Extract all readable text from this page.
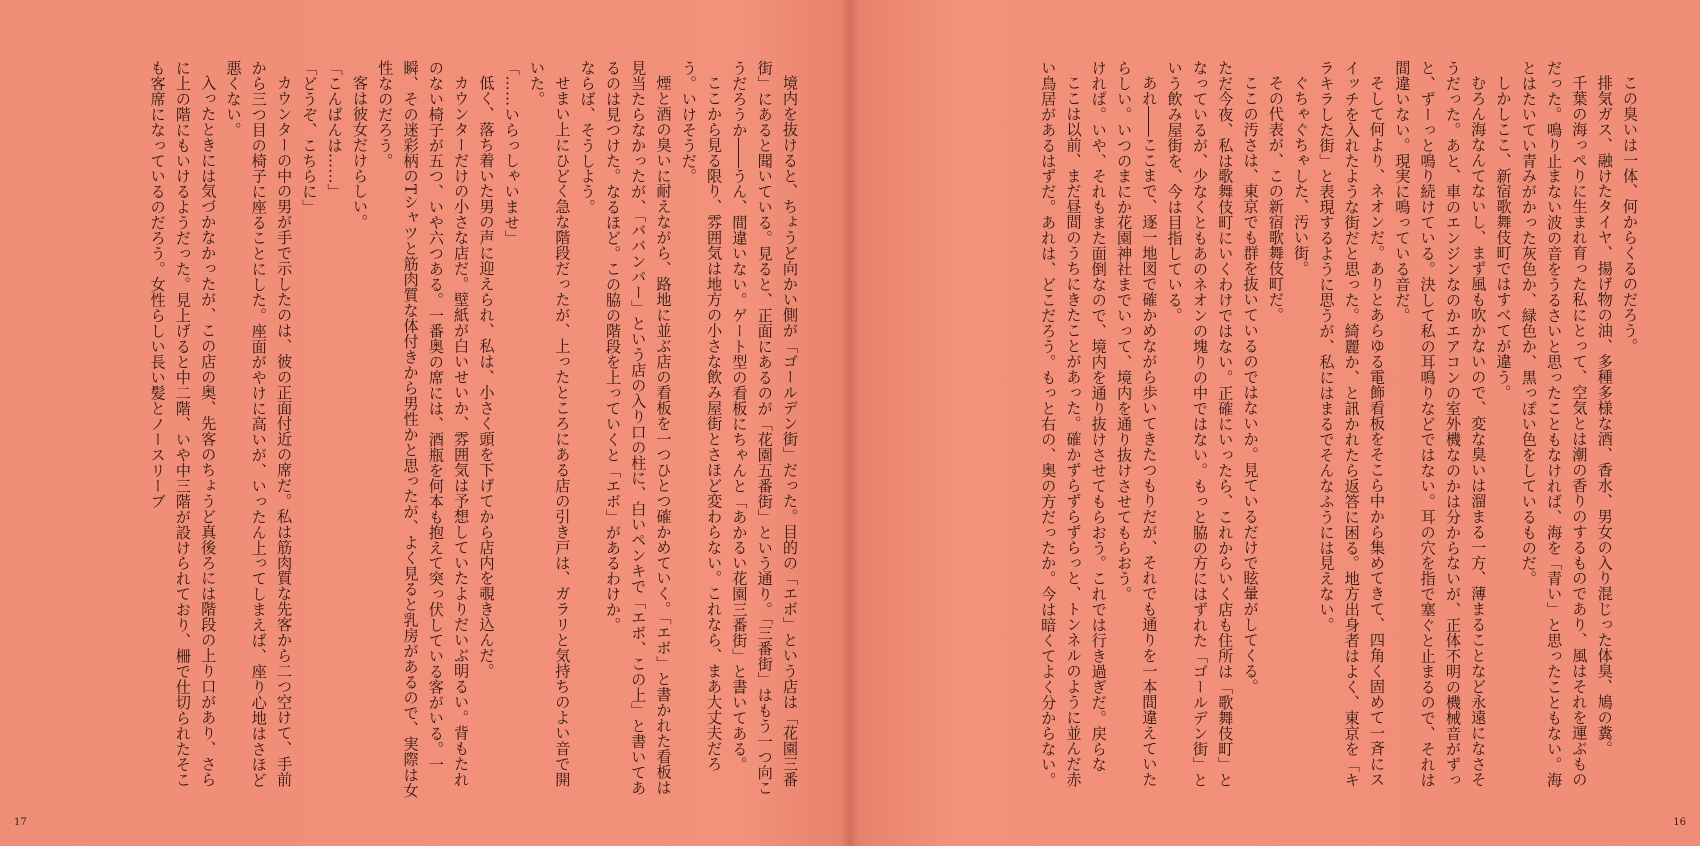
境内を抜けると、ちょうど向かい側が「ゴールデン街」だった。目的の「エボ」という店は「花園三番街」にあると聞いている。見ると、正面にあるのが「花園五番街」という通り。「三番街」はもう一つ向こうだろうか――うん、間違いない。ゲート型の看板にちゃんと「あかるい花園三番街」と書いてある。

ここから見る限り、雰囲気は地方の小さな飲み屋街とさほど変わらない。これなら、まあ大丈夫だろう。いけそうだ。

煙と酒の臭いに耐えながら、路地に並ぶ店の看板を一つひとつ確かめていく。「エボ」と書かれた看板は見当たらなかったが、「ババンバー」という店の入り口の柱に、白いペンキで「エボ、この上」と書いてあるのは見つけた。なるほど。この脇の階段を上っていくと「エボ」があるわけか。

ならば、そうしよう。

せまい上にひどく急な階段だったが、上ったところにある店の引き戸は、ガラリと気持ちのよい音で開いた。

「……いらっしゃいませ」

低く、落ち着いた男の声に迎えられ、私は、小さく頭を下げてから店内を覗き込んだ。

カウンターだけの小さな店だ。壁紙が白いせいか、雰囲気は予想していたよりだいぶ明るい。背もたれのない椅子が五つ、いや六つある。一番奥の席には、酒瓶を何本も抱えて突っ伏している客がいる。一瞬、その迷彩柄のTシャツと筋肉質な体付きから男性かと思ったが、よく見ると乳房があるので、実際は女性なのだろう。

客は彼女だけらしい。

「こんばんは……」

「どうぞ、こちらに」

カウンターの中の男が手で示したのは、彼の正面付近の席だ。私は筋肉質な先客から二つ空けて、手前から三つ目の椅子に座ることにした。座面がやけに高いが、いったん上ってしまえば、座り心地はさほど悪くない。

入ったときには気づかなかったが、この店の奥、先客のちょうど真後ろには階段の上り口があり、さらに上の階にもいけるようだった。見上げると中二階、いや中三階が設けられており、柵で仕切られたそこも客席になっているのだろう。女性らしい長い髪とノースリーブ

17

この臭いは一体、何からくるのだろう。

排気ガス、融けたタイヤ、揚げ物の油、多種多様な酒、香水、男女の入り混じった体臭、鳩の糞。

千葉の海っぺりに生まれ育った私にとって、空気とは潮の香りのするものであり、風はそれを運ぶものだった。鳴り止まない波の音をうるさいと思ったこともなければ、海を「青い」と思ったこともない。海とはたいてい青みがかった灰色か、緑色か、黒っぽい色をしているものだ。

しかしここ、新宿歌舞伎町ではすべてが違う。

むろん海なんてないし、まず風も吹かないので、変な臭いは溜まる一方、薄まることなど永遠になさそうだった。あと、車のエンジンなのかエアコンの室外機なのかは分からないが、正体不明の機械音がずっと、ずーっと鳴り続けている。決して私の耳鳴りなどではない。耳の穴を指で塞ぐと止まるので、それは間違いない。現実に鳴っている音だ。

そして何より、ネオンだ。ありとあらゆる電飾看板をそこら中から集めてきて、四角く固めて一斉にスイッチを入れたような街だと思った。綺麗か、と訊かれたら返答に困る。地方出身者はよく、東京を「キラキラした街」と表現するように思うが、私にはまるでそんなふうには見えない。

ぐちゃぐちゃした、汚い街。

その代表が、この新宿歌舞伎町だ。

ここの汚さは、東京でも群を抜いているのではないか。見ているだけで眩暈がしてくる。

ただ今夜、私は歌舞伎町にいくわけではない。正確にいったら、これからいく店も住所は「歌舞伎町」となっているが、少なくともあのネオンの塊りの中ではない。もっと脇の方にはずれた「ゴールデン街」という飲み屋街を、今は目指している。

あれ――ここまで、逐一地図で確かめながら歩いてきたつもりだが、それでも通りを一本間違えていたらしい。いつのまにか花園神社までいって、境内を通り抜けさせてもらおう。

けれぱ。いや、それもまた面倒なので、境内を通り抜けさせてもらおう。これでは行き過ぎだ。戻らな

ここは以前、まだ昼間のうちにきたことがあった。確かずらずらずらっと、トンネルのように並んだ赤い鳥居があるはずだ。あれは、どこだろう。もっと右の、奥の方だったか。今は暗くてよく分からない。

16
